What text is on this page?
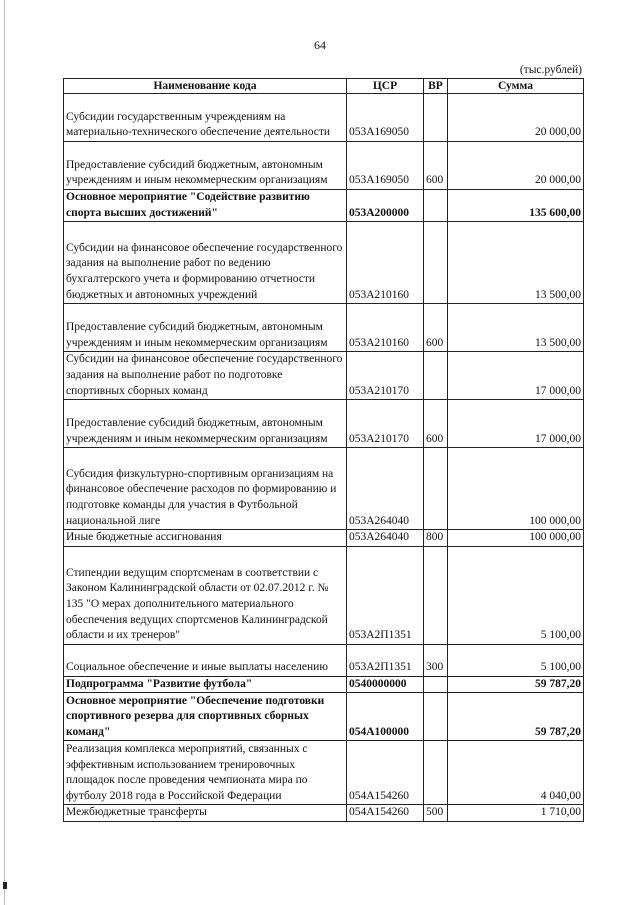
64
(тыс.рублей)
Наименование кода	ЦСР	ВР	Сумма
Субсидии государственным учреждениям на материально-технического обеспечение деятельности	053А169050		20 000,00
Предоставление субсидий бюджетным, автономным учреждениям и иным некоммерческим организациям	053А169050	600	20 000,00
Основное мероприятие "Содействие развитию спорта высших достижений"	053А200000		135 600,00
Субсидии на финансовое обеспечение государственного задания на выполнение работ по ведению бухгалтерского учета и формированию отчетности бюджетных и автономных учреждений	053А210160		13 500,00
Предоставление субсидий бюджетным, автономным учреждениям и иным некоммерческим организациям	053А210160	600	13 500,00
Субсидии на финансовое обеспечение государственного задания на выполнение работ по подготовке спортивных сборных команд	053А210170		17 000,00
Предоставление субсидий бюджетным, автономным учреждениям и иным некоммерческим организациям	053А210170	600	17 000,00
Субсидия физкультурно-спортивным организациям на финансовое обеспечение расходов по формированию и подготовке команды для участия в Футбольной национальной лиге	053А264040		100 000,00
Иные бюджетные ассигнования	053А264040	800	100 000,00
Стипендии ведущим спортсменам в соответствии с Законом Калининградской области от 02.07.2012 г. № 135 "О мерах дополнительного материального обеспечения ведущих спортсменов Калининградской области и их тренеров"	053А2П1351		5 100,00
Социальное обеспечение и иные выплаты населению	053А2П1351	300	5 100,00
Подпрограмма "Развитие футбола"	0540000000		59 787,20
Основное мероприятие "Обеспечение подготовки спортивного резерва для спортивных сборных команд"	054А100000		59 787,20
Реализация комплекса мероприятий, связанных с эффективным использованием тренировочных площадок после проведения чемпионата мира по футболу 2018 года в Российской Федерации	054А154260		4 040,00
Межбюджетные трансферты	054А154260	500	1 710,00
